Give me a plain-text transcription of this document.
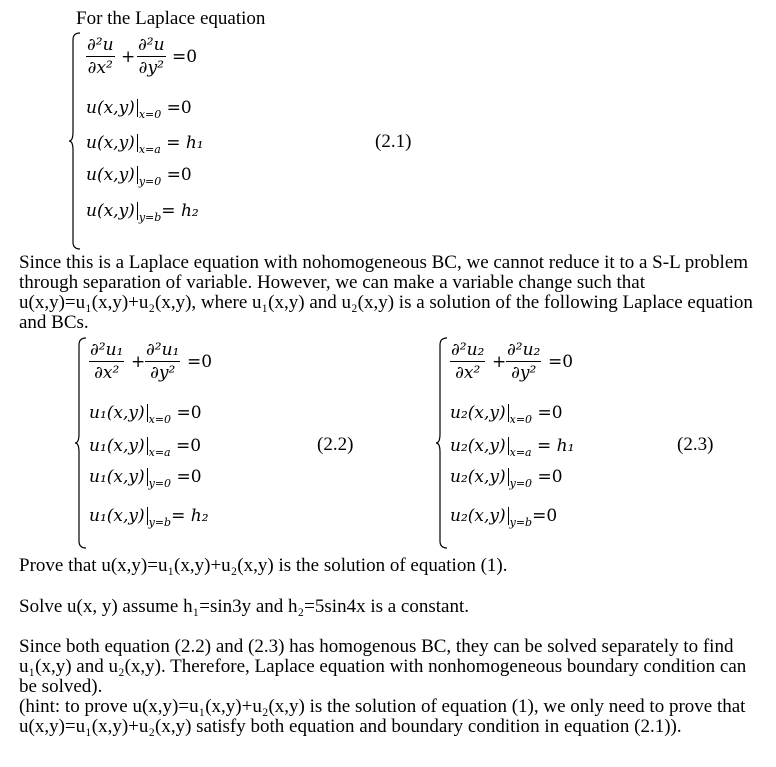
For the Laplace equation
∂²u
∂x²
+
∂²u
∂y²
=0
u(x,y) $_{x=0}$ =0
u(x,y) $_{x=a}$ = h₁
u(x,y) $_{y=0}$ =0
u(x,y) $_{y=b}$= h₂
(2.1)
Since this is a Laplace equation with nohomogeneous BC, we cannot reduce it to a S-L problem through separation of variable. However, we can make a variable change such that u(x,y)=u₁(x,y)+u₂(x,y), where u₁(x,y) and u₂(x,y) is a solution of the following Laplace equation and BCs.
∂²u₁
∂x²
+
∂²u₁
∂y²
=0
u₁(x,y) $_{x=0}$ =0
u₁(x,y) $_{x=a}$ =0
u₁(x,y) $_{y=0}$ =0
u₁(x,y) $_{y=b}$= h₂
(2.2)
∂²u₂
∂x²
+
∂²u₂
∂y²
=0
u₂(x,y) $_{x=0}$ =0
u₂(x,y) $_{x=a}$ = h₁
u₂(x,y) $_{y=0}$ =0
u₂(x,y) $_{y=b}$=0
(2.3)
Prove that u(x,y)=u₁(x,y)+u₂(x,y) is the solution of equation (1).
Solve u(x, y) assume h₁=sin3y and h₂=5sin4x is a constant.
Since both equation (2.2) and (2.3) has homogenous BC, they can be solved separately to find u₁(x,y) and u₂(x,y). Therefore, Laplace equation with nonhomogeneous boundary condition can be solved).
(hint: to prove u(x,y)=u₁(x,y)+u₂(x,y) is the solution of equation (1), we only need to prove that u(x,y)=u₁(x,y)+u₂(x,y) satisfy both equation and boundary condition in equation (2.1)).
